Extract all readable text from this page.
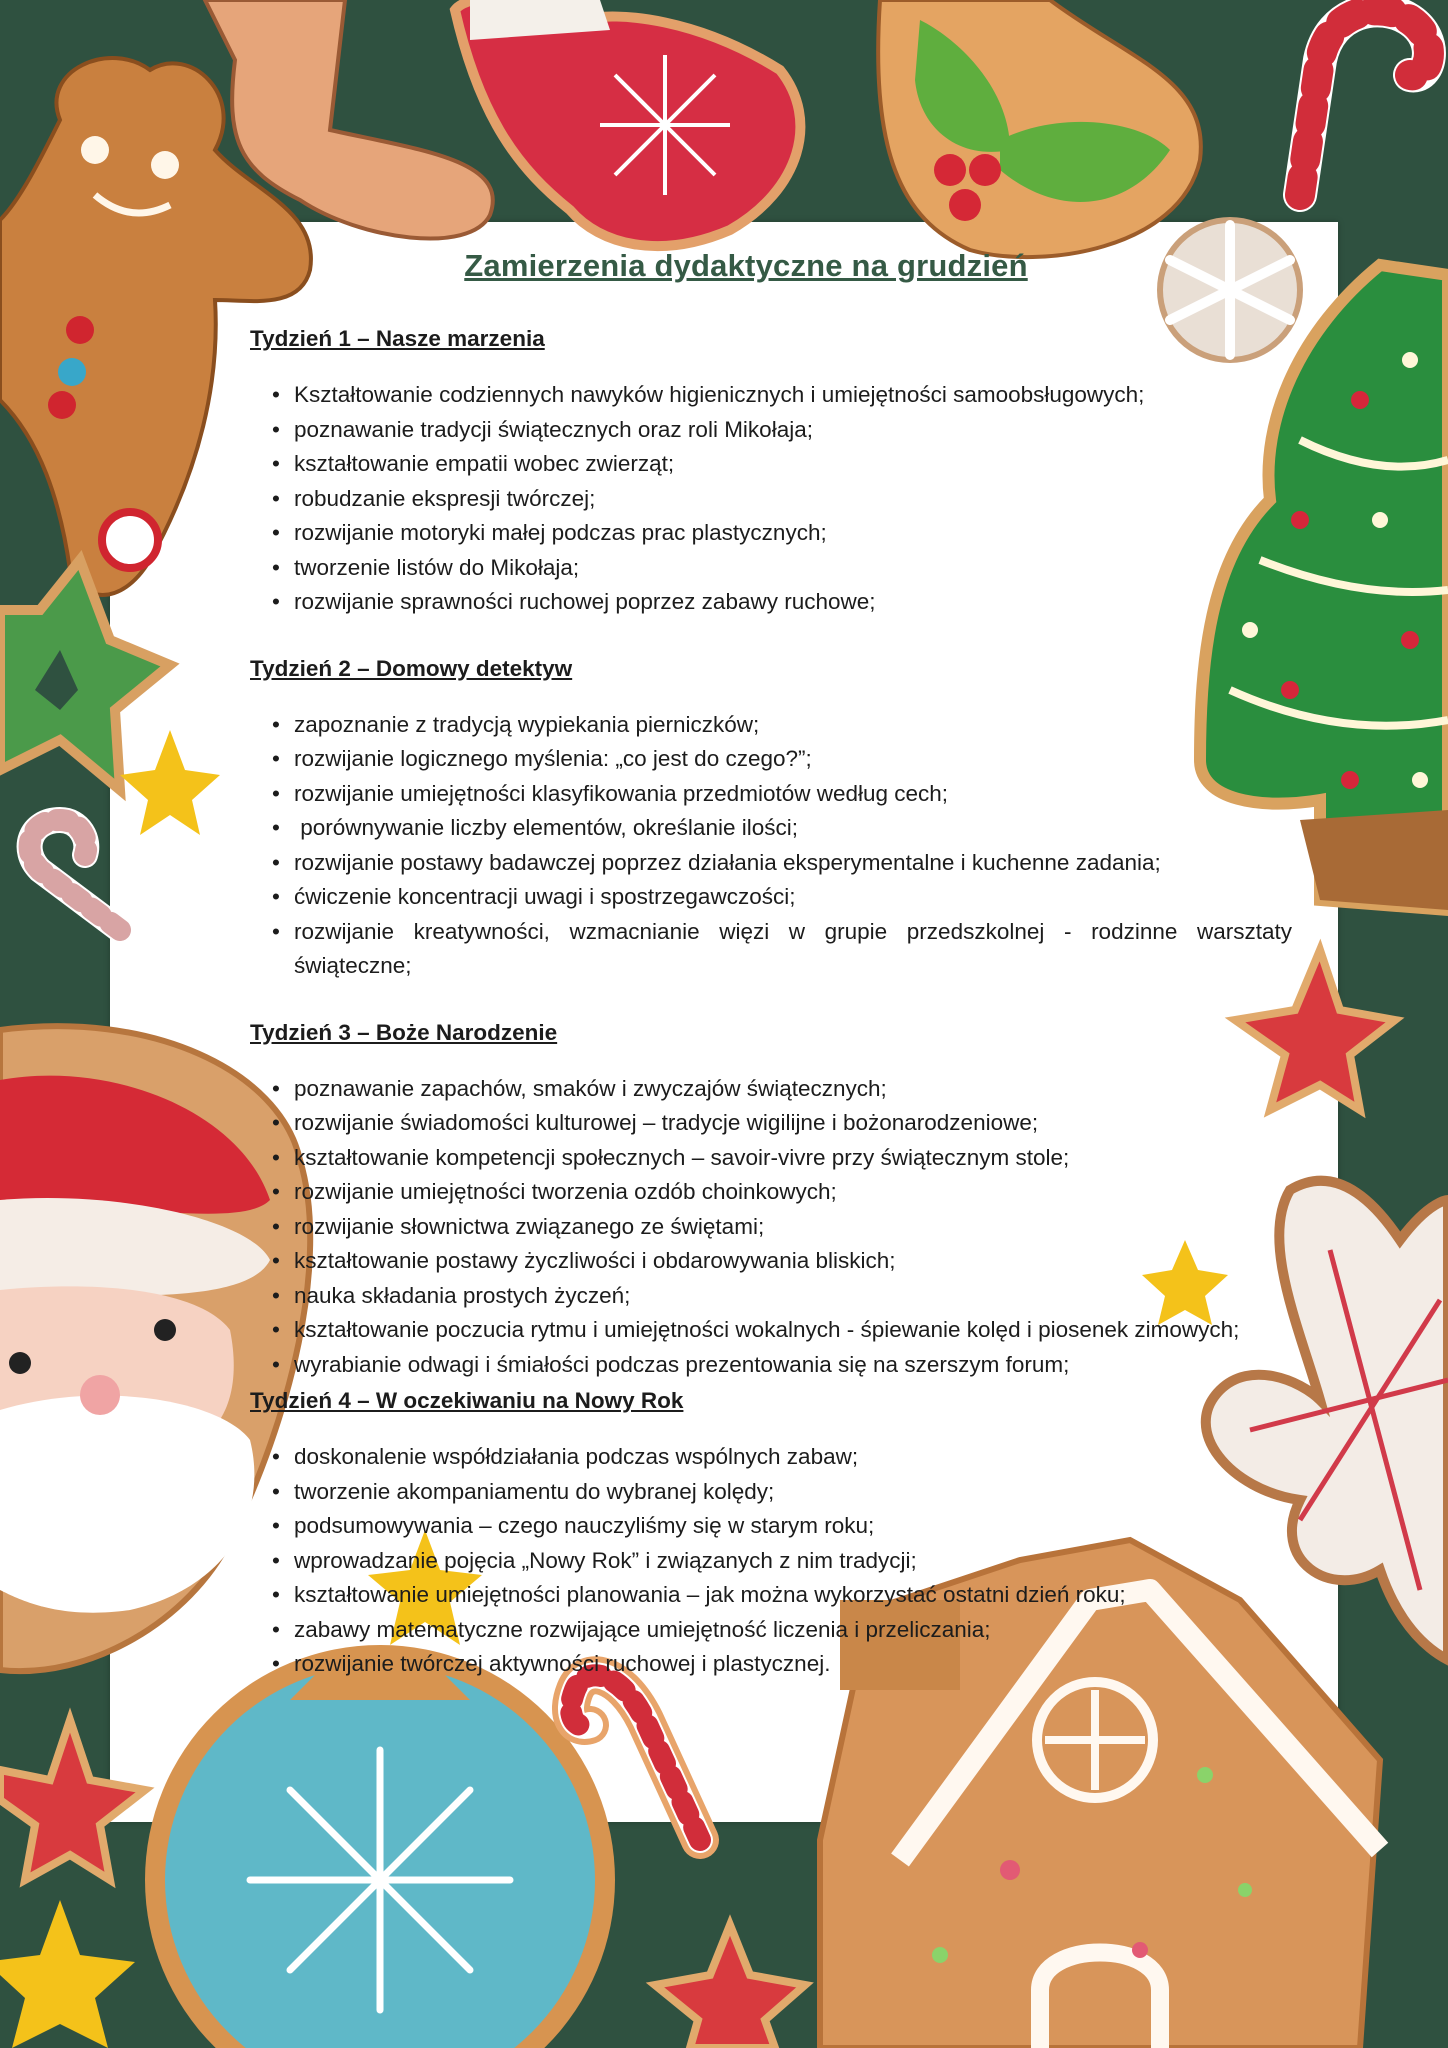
Zamierzenia dydaktyczne na grudzień
Tydzień 1 – Nasze marzenia
• Kształtowanie codziennych nawyków higienicznych i umiejętności samoobsługowych;
• poznawanie tradycji świątecznych oraz roli Mikołaja;
• kształtowanie empatii wobec zwierząt;
• robudzanie ekspresji twórczej;
• rozwijanie motoryki małej podczas prac plastycznych;
• tworzenie listów do Mikołaja;
• rozwijanie sprawności ruchowej poprzez zabawy ruchowe;
Tydzień 2 – Domowy detektyw
• zapoznanie z tradycją wypiekania pierniczków;
• rozwijanie logicznego myślenia: „co jest do czego?”;
• rozwijanie umiejętności klasyfikowania przedmiotów według cech;
•  porównywanie liczby elementów, określanie ilości;
• rozwijanie postawy badawczej poprzez działania eksperymentalne i kuchenne zadania;
• ćwiczenie koncentracji uwagi i spostrzegawczości;
• rozwijanie kreatywności, wzmacnianie więzi w grupie przedszkolnej - rodzinne warsztaty świąteczne;
Tydzień 3 – Boże Narodzenie
• poznawanie zapachów, smaków i zwyczajów świątecznych;
• rozwijanie świadomości kulturowej – tradycje wigilijne i bożonarodzeniowe;
• kształtowanie kompetencji społecznych – savoir-vivre przy świątecznym stole;
• rozwijanie umiejętności tworzenia ozdób choinkowych;
• rozwijanie słownictwa związanego ze świętami;
• kształtowanie postawy życzliwości i obdarowywania bliskich;
• nauka składania prostych życzeń;
• kształtowanie poczucia rytmu i umiejętności wokalnych - śpiewanie kolęd i piosenek zimowych;
• wyrabianie odwagi i śmiałości podczas prezentowania się na szerszym forum;
Tydzień 4 – W oczekiwaniu na Nowy Rok
• doskonalenie współdziałania podczas wspólnych zabaw;
• tworzenie akompaniamentu do wybranej kolędy;
• podsumowywania – czego nauczyliśmy się w starym roku;
• wprowadzanie pojęcia „Nowy Rok” i związanych z nim tradycji;
• kształtowanie umiejętności planowania – jak można wykorzystać ostatni dzień roku;
• zabawy matematyczne rozwijające umiejętność liczenia i przeliczania;
• rozwijanie twórczej aktywności ruchowej i plastycznej.
